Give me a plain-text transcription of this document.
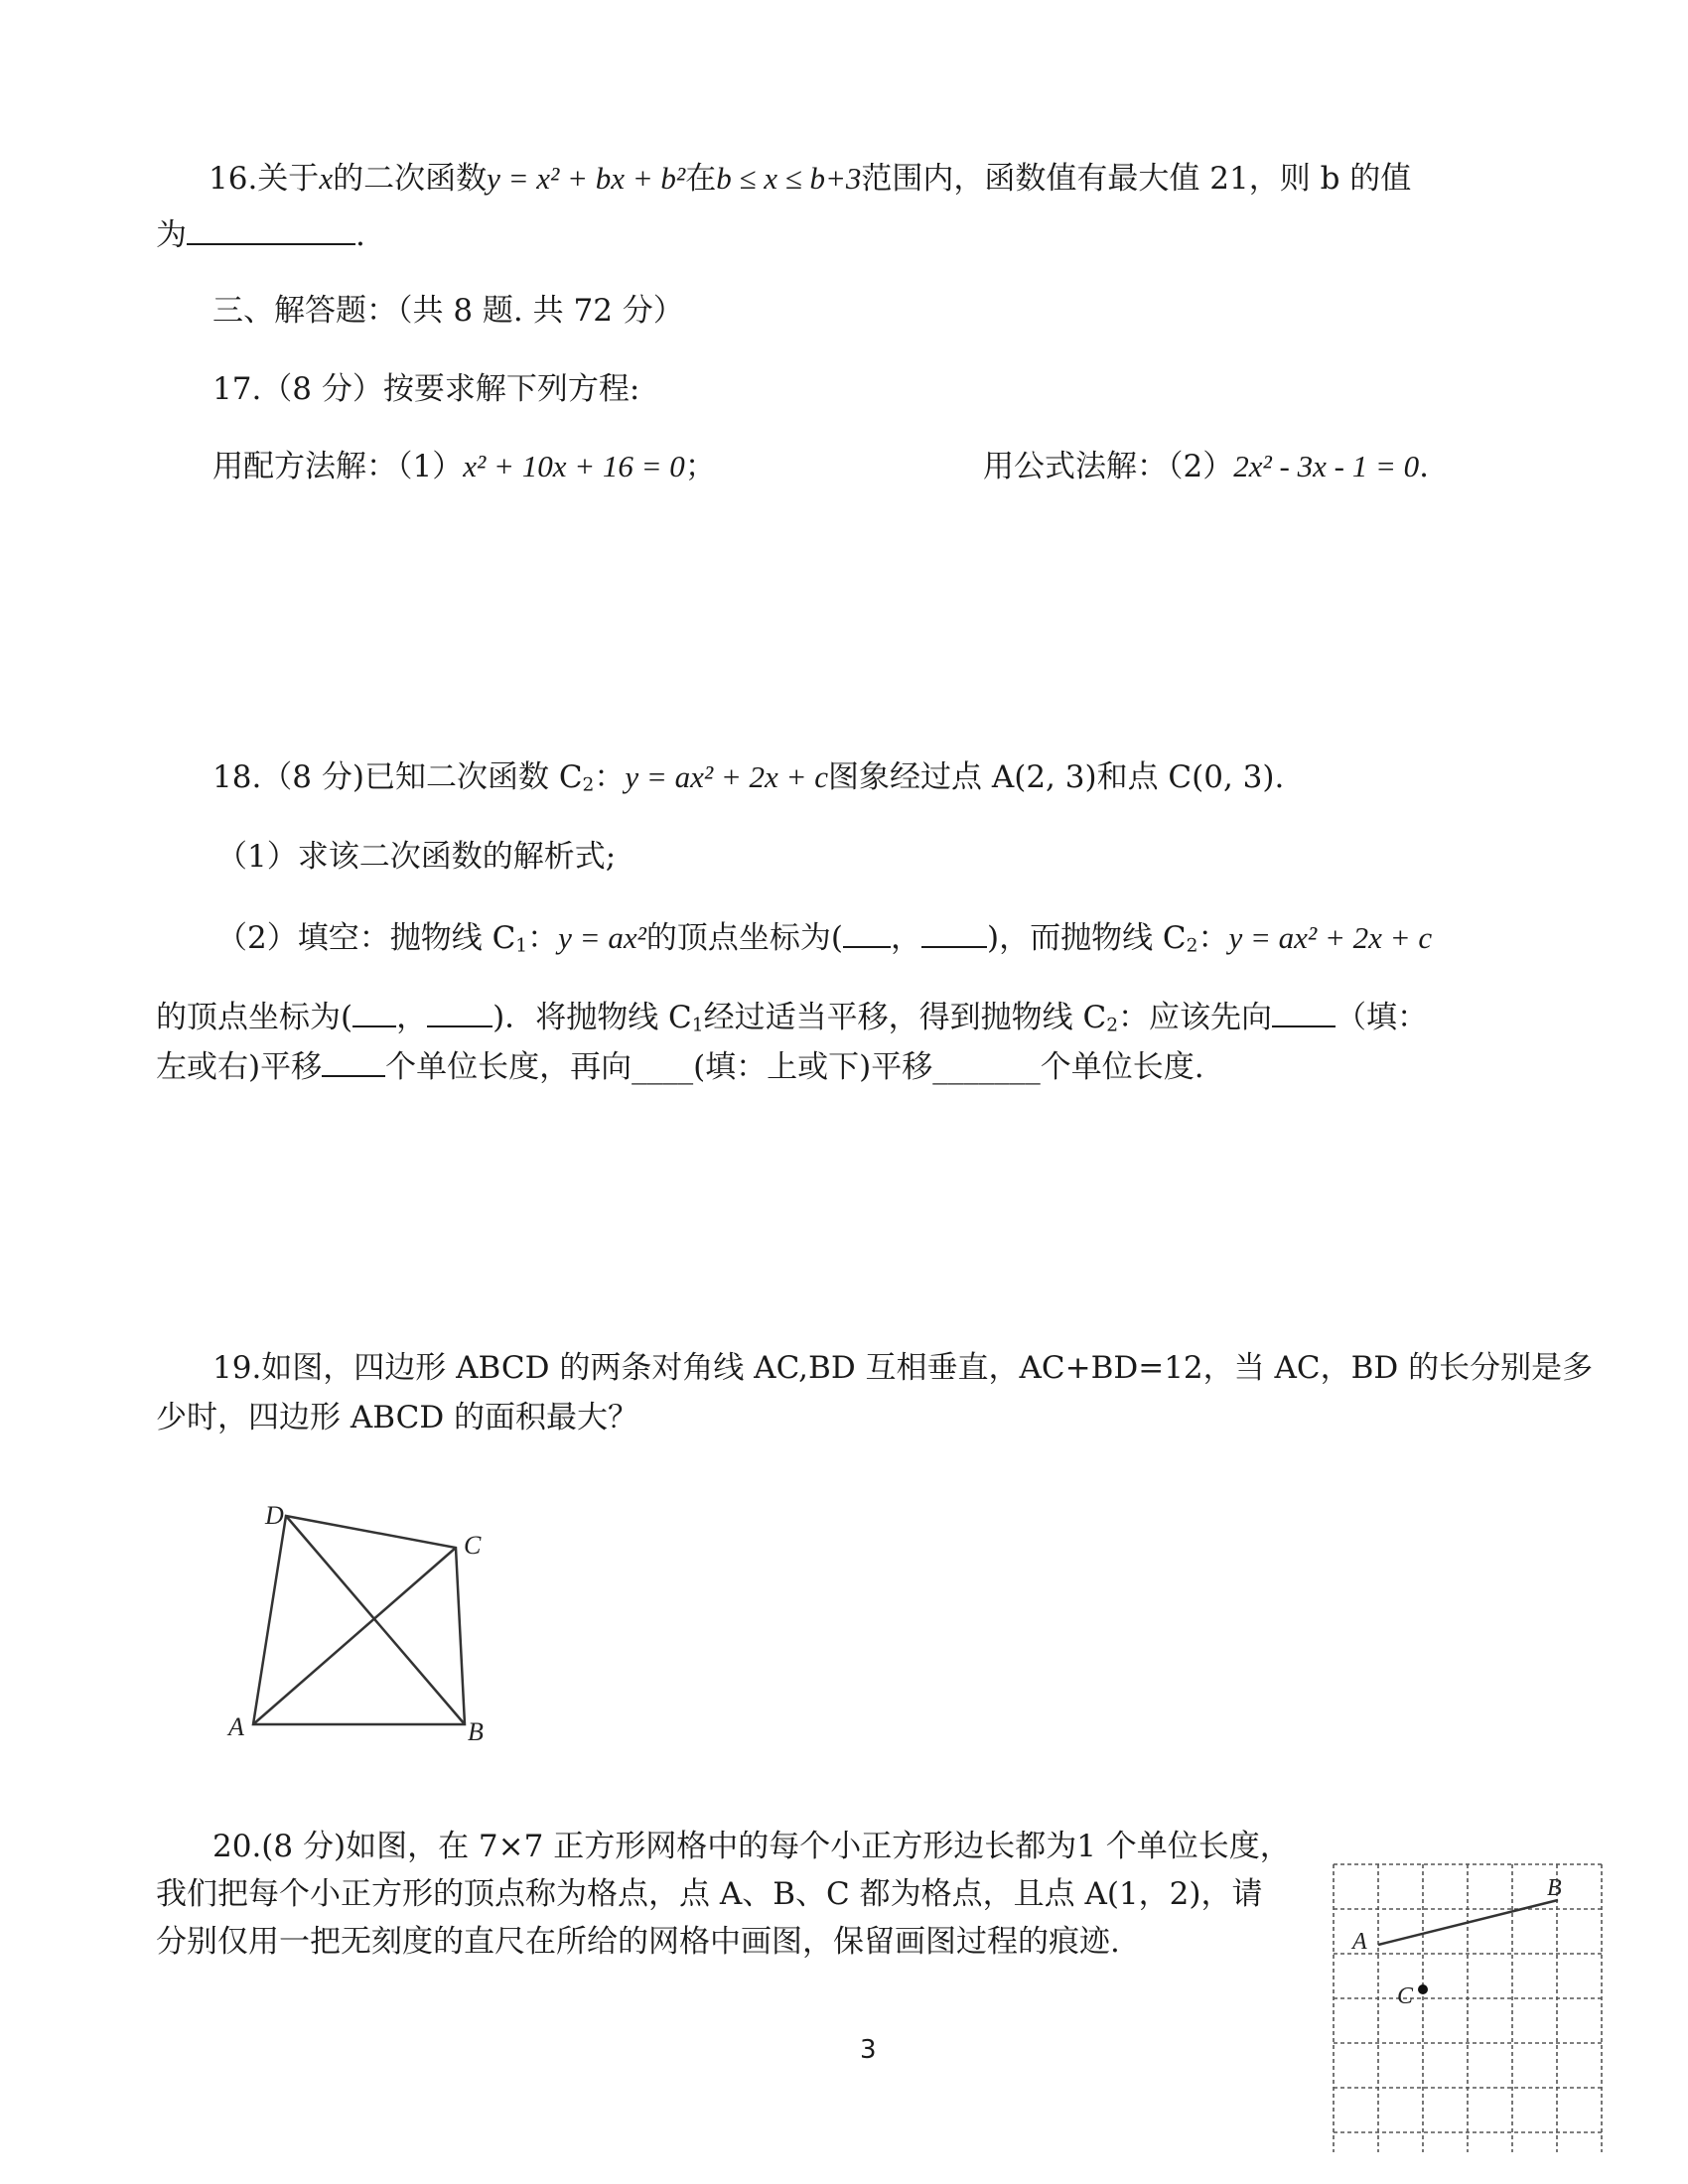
16.关于x的二次函数y = x² + bx + b²在b ≤ x ≤ b+3范围内，函数值有最大值 21，则 b 的值
为	.
三、解答题：（共 8 题. 共 72 分）
17.（8 分）按要求解下列方程:
用配方法解：（1）x² + 10x + 16 = 0；	用公式法解：（2）2x² - 3x - 1 = 0.
18.（8 分)已知二次函数 $C_2$：y = ax² + 2x + c图象经过点 A(2, 3)和点 C(0, 3).
（1）求该二次函数的解析式;
（2）填空：抛物线 $C_1$：y = ax²的顶点坐标为( ， )，而抛物线 $C_2$：y = ax² + 2x + c
的顶点坐标为( ， )．将抛物线 $C_1$经过适当平移，得到抛物线 $C_2$：应该先向 （填：
左或右)平移 个单位长度，再向____(填：上或下)平移_______个单位长度.
19.如图，四边形 ABCD 的两条对角线 AC,BD 互相垂直，AC+BD=12，当 AC，BD 的长分别是多
少时，四边形 ABCD 的面积最大？
D
C
A	B
20.(8 分)如图，在 7×7 正方形网格中的每个小正方形边长都为1 个单位长度，
我们把每个小正方形的顶点称为格点，点 A、B、C 都为格点，且点 A(1，2)，请
分别仅用一把无刻度的直尺在所给的网格中画图，保留画图过程的痕迹.	A
B
C
3
